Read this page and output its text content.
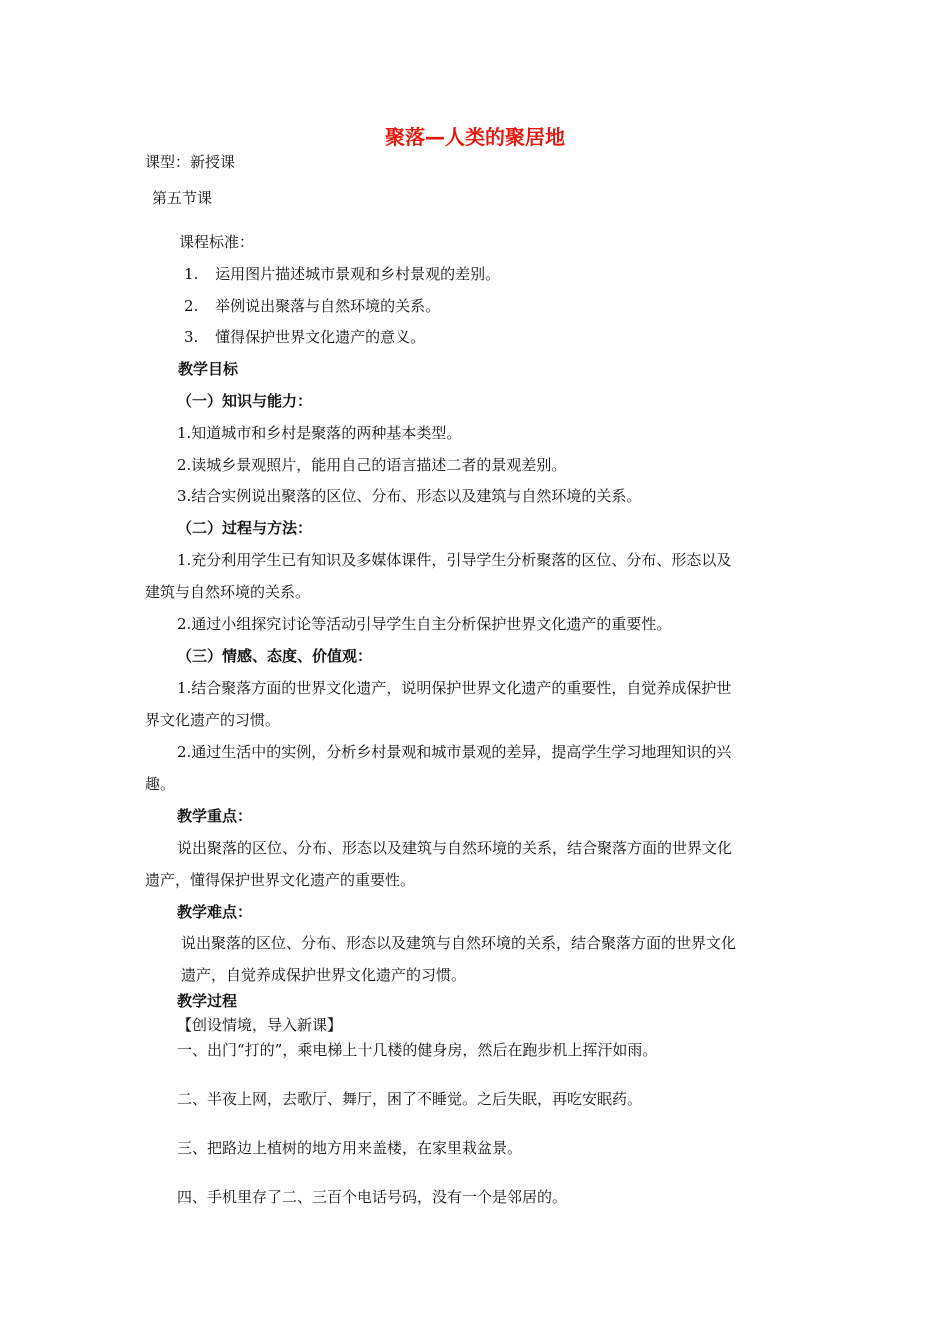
聚落—人类的聚居地
课型：新授课
第五节课
课程标准：
1. 运用图片描述城市景观和乡村景观的差别。
2. 举例说出聚落与自然环境的关系。
3. 懂得保护世界文化遗产的意义。
教学目标
（一）知识与能力：
1.知道城市和乡村是聚落的两种基本类型。
2.读城乡景观照片，能用自己的语言描述二者的景观差别。
3.结合实例说出聚落的区位、分布、形态以及建筑与自然环境的关系。
（二）过程与方法：
1.充分利用学生已有知识及多媒体课件，引导学生分析聚落的区位、分布、形态以及
建筑与自然环境的关系。
2.通过小组探究讨论等活动引导学生自主分析保护世界文化遗产的重要性。
（三）情感、态度、价值观：
1.结合聚落方面的世界文化遗产，说明保护世界文化遗产的重要性，自觉养成保护世
界文化遗产的习惯。
2.通过生活中的实例，分析乡村景观和城市景观的差异，提高学生学习地理知识的兴
趣。
教学重点：
说出聚落的区位、分布、形态以及建筑与自然环境的关系，结合聚落方面的世界文化
遗产，懂得保护世界文化遗产的重要性。
教学难点：
说出聚落的区位、分布、形态以及建筑与自然环境的关系，结合聚落方面的世界文化
遗产，自觉养成保护世界文化遗产的习惯。
教学过程
【创设情境，导入新课】
一、出门“打的”，乘电梯上十几楼的健身房，然后在跑步机上挥汗如雨。
二、半夜上网，去歌厅、舞厅，困了不睡觉。之后失眠，再吃安眠药。
三、把路边上植树的地方用来盖楼，在家里栽盆景。
四、手机里存了二、三百个电话号码，没有一个是邻居的。
